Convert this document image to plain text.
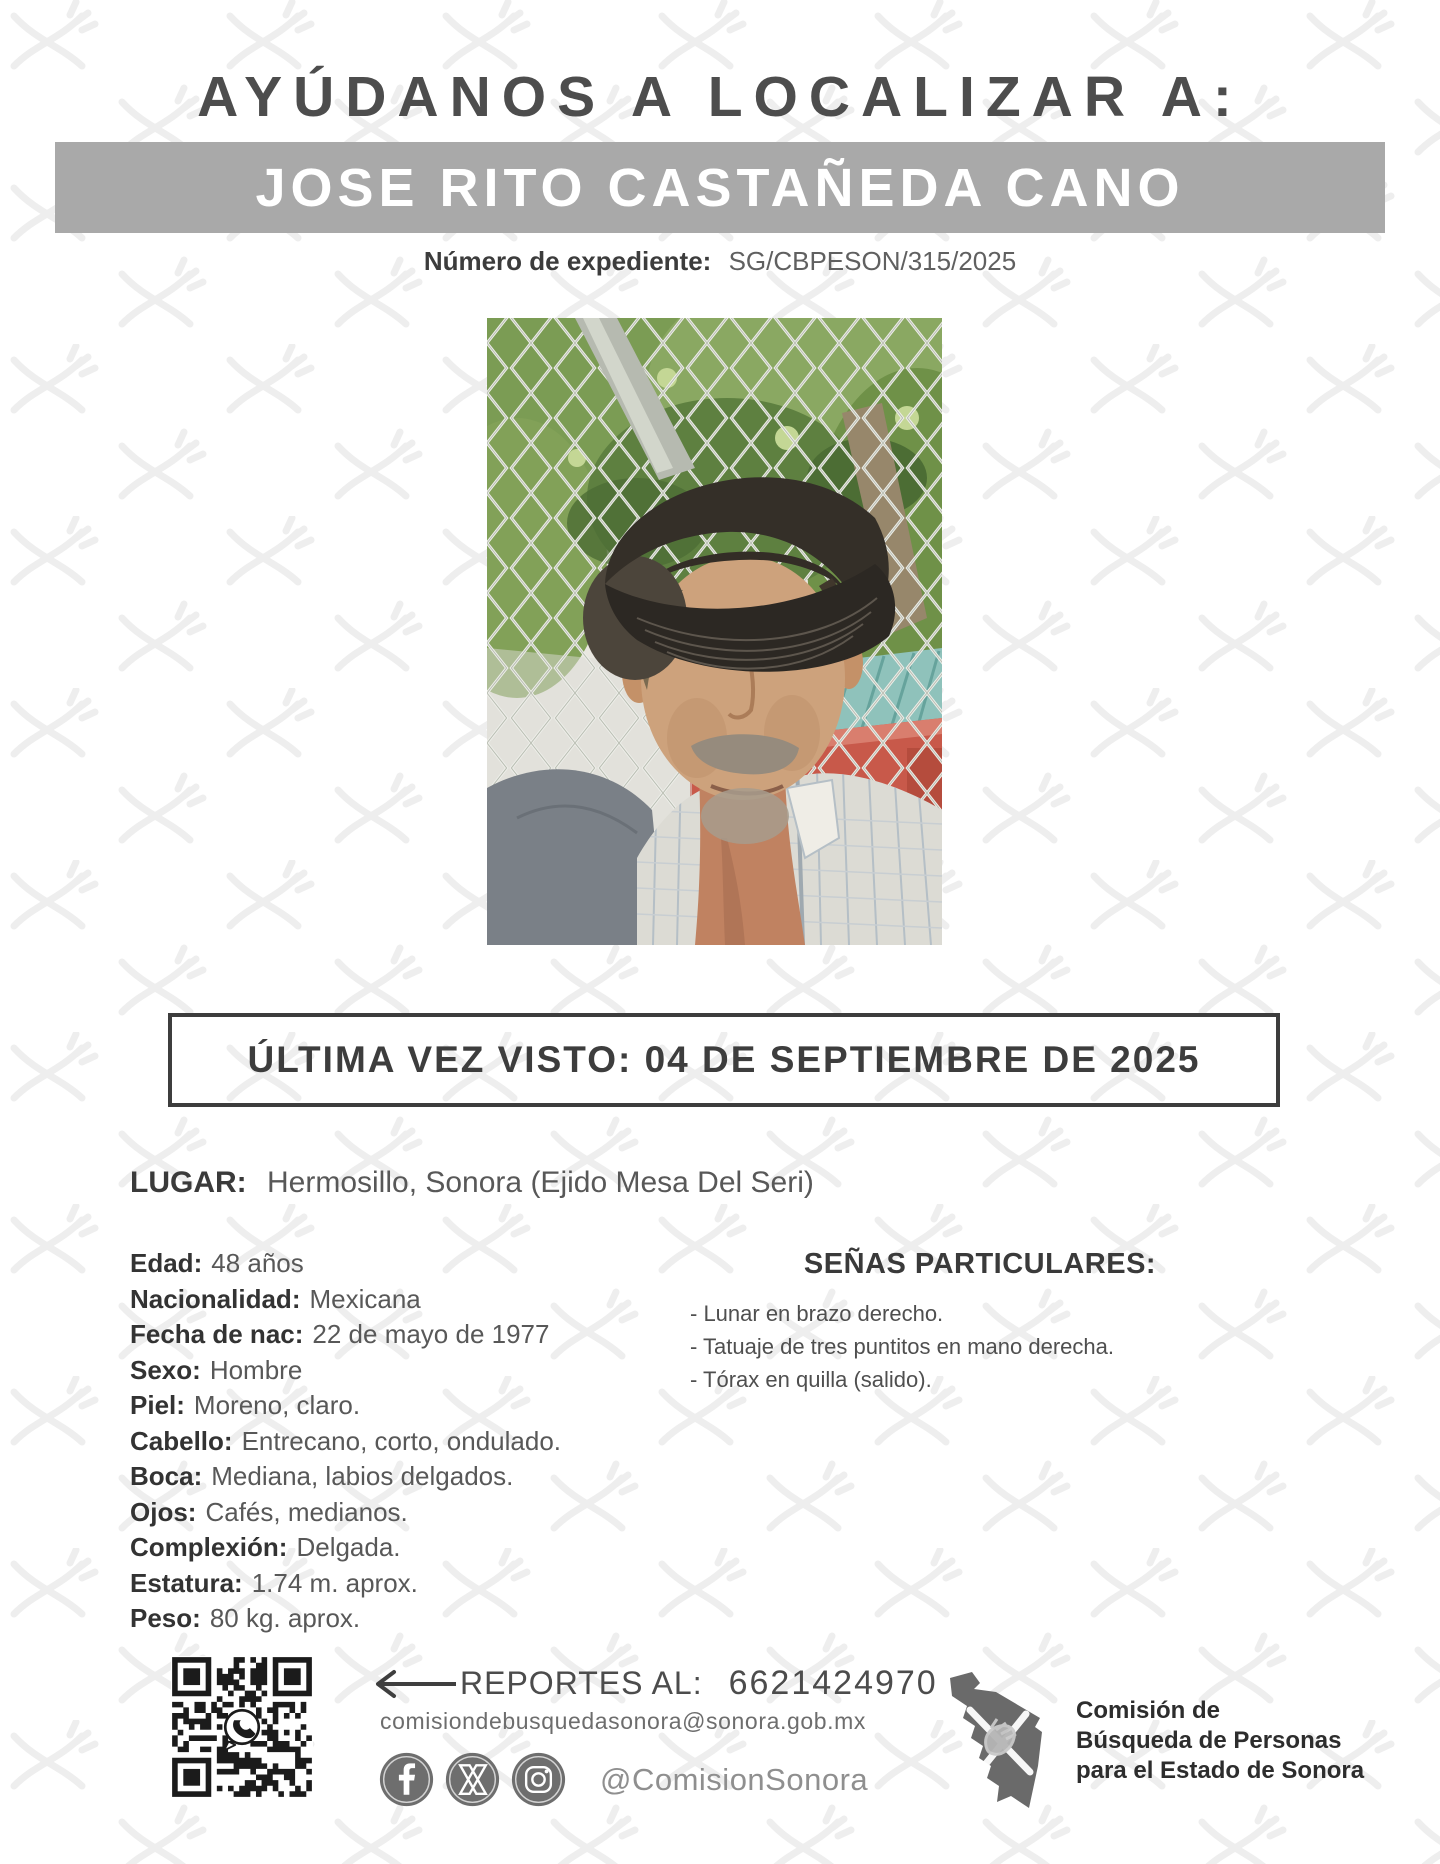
AYÚDANOS A LOCALIZAR A:
JOSE RITO CASTAÑEDA CANO
Número de expediente: SG/CBPESON/315/2025
ÚLTIMA VEZ VISTO: 04 DE SEPTIEMBRE DE 2025
LUGAR: Hermosillo, Sonora (Ejido Mesa Del Seri)
Edad: 48 años
Nacionalidad: Mexicana
Fecha de nac: 22 de mayo de 1977
Sexo: Hombre
Piel: Moreno, claro.
Cabello: Entrecano, corto, ondulado.
Boca: Mediana, labios delgados.
Ojos: Cafés, medianos.
Complexión: Delgada.
Estatura: 1.74 m. aprox.
Peso: 80 kg. aprox.
SEÑAS PARTICULARES:
- Lunar en brazo derecho.
- Tatuaje de tres puntitos en mano derecha.
- Tórax en quilla (salido).
REPORTES AL: 6621424970
comisiondebusquedasonora@sonora.gob.mx
@ComisionSonora
Comisión de
Búsqueda de Personas
para el Estado de Sonora
